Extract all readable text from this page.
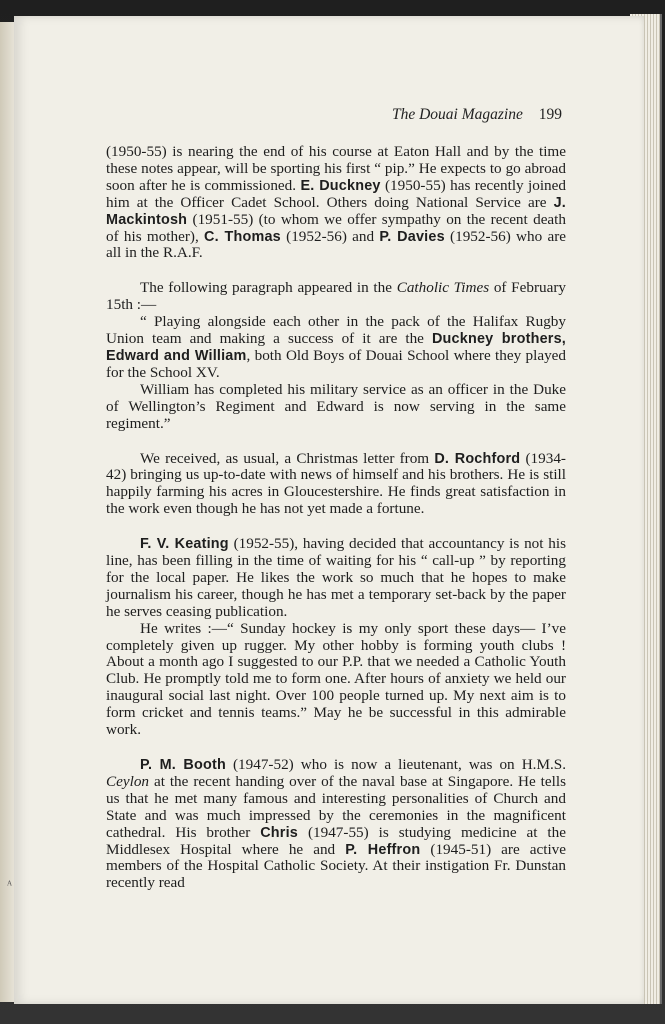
The Douai Magazine 199

(1950-55) is nearing the end of his course at Eaton Hall and by the time these notes appear, will be sporting his first “ pip.” He expects to go abroad soon after he is commissioned. E. Duckney (1950-55) has recently joined him at the Officer Cadet School. Others doing National Service are J. Mackintosh (1951-55) (to whom we offer sympathy on the recent death of his mother), C. Thomas (1952-56) and P. Davies (1952-56) who are all in the R.A.F.

The following paragraph appeared in the Catholic Times of February 15th :—

“ Playing alongside each other in the pack of the Halifax Rugby Union team and making a success of it are the Duckney brothers, Edward and William, both Old Boys of Douai School where they played for the School XV.

William has completed his military service as an officer in the Duke of Wellington’s Regiment and Edward is now serving in the same regiment.”

We received, as usual, a Christmas letter from D. Rochford (1934-42) bringing us up-to-date with news of himself and his brothers. He is still happily farming his acres in Gloucestershire. He finds great satisfaction in the work even though he has not yet made a fortune.

F. V. Keating (1952-55), having decided that accountancy is not his line, has been filling in the time of waiting for his “ call-up ” by reporting for the local paper. He likes the work so much that he hopes to make journalism his career, though he has met a temporary set-back by the paper he serves ceasing publication.

He writes :—“ Sunday hockey is my only sport these days— I’ve completely given up rugger. My other hobby is forming youth clubs ! About a month ago I suggested to our P.P. that we needed a Catholic Youth Club. He promptly told me to form one. After hours of anxiety we held our inaugural social last night. Over 100 people turned up. My next aim is to form cricket and tennis teams.” May he be successful in this admirable work.

P. M. Booth (1947-52) who is now a lieutenant, was on H.M.S. Ceylon at the recent handing over of the naval base at Singapore. He tells us that he met many famous and interesting personalities of Church and State and was much impressed by the ceremonies in the magnificent cathedral. His brother Chris (1947-55) is studying medicine at the Middlesex Hospital where he and P. Heffron (1945-51) are active members of the Hospital Catholic Society. At their instigation Fr. Dunstan recently read

ᴬ
